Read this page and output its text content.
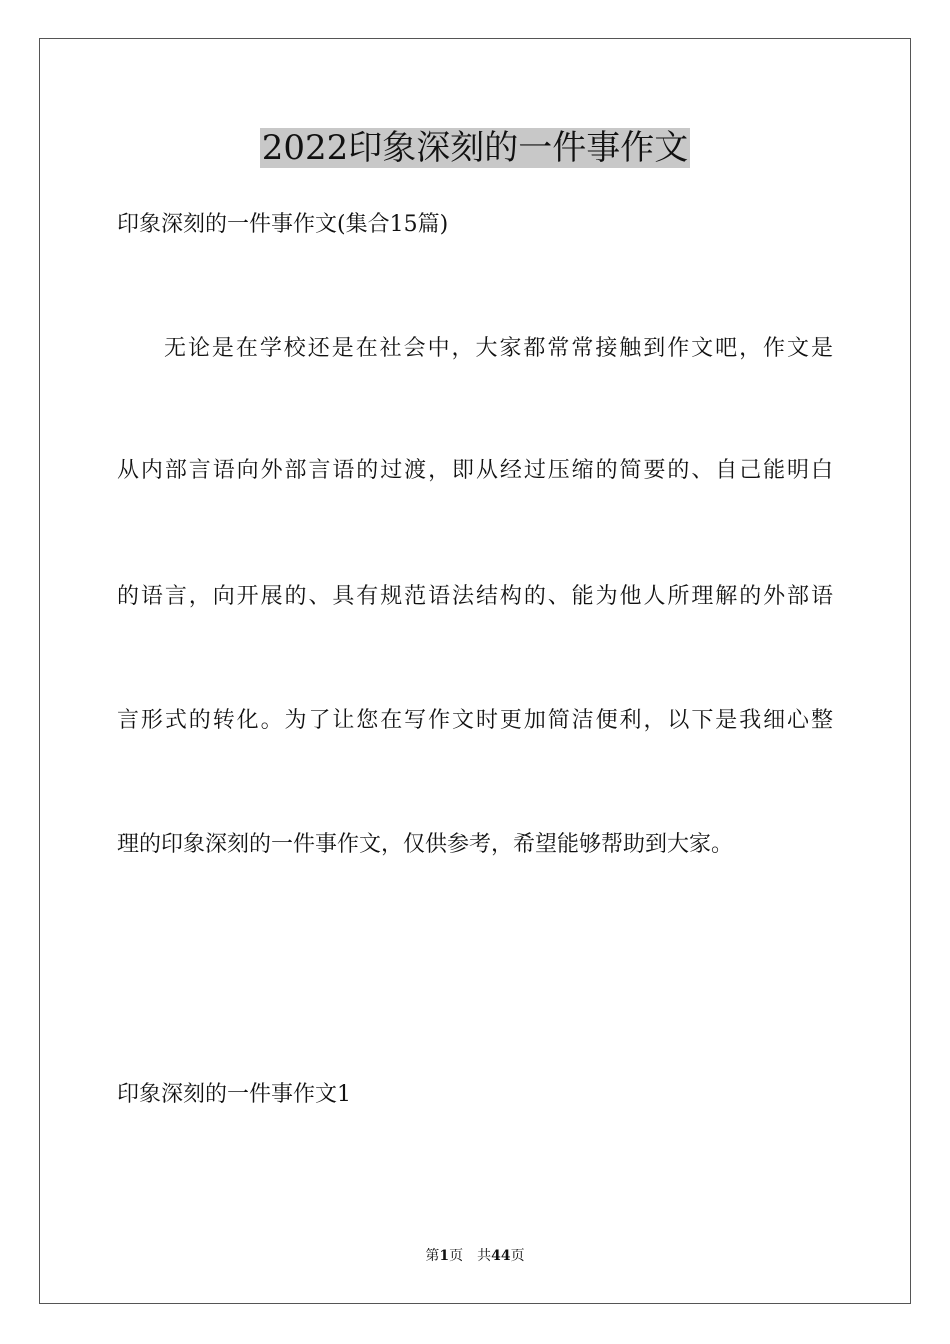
2022印象深刻的一件事作文

印象深刻的一件事作文(集合15篇)

无论是在学校还是在社会中，大家都常常接触到作文吧，作文是

从内部言语向外部言语的过渡，即从经过压缩的简要的、自己能明白

的语言，向开展的、具有规范语法结构的、能为他人所理解的外部语

言形式的转化。为了让您在写作文时更加简洁便利，以下是我细心整

理的印象深刻的一件事作文，仅供参考，希望能够帮助到大家。

印象深刻的一件事作文1

第1页 共44页
